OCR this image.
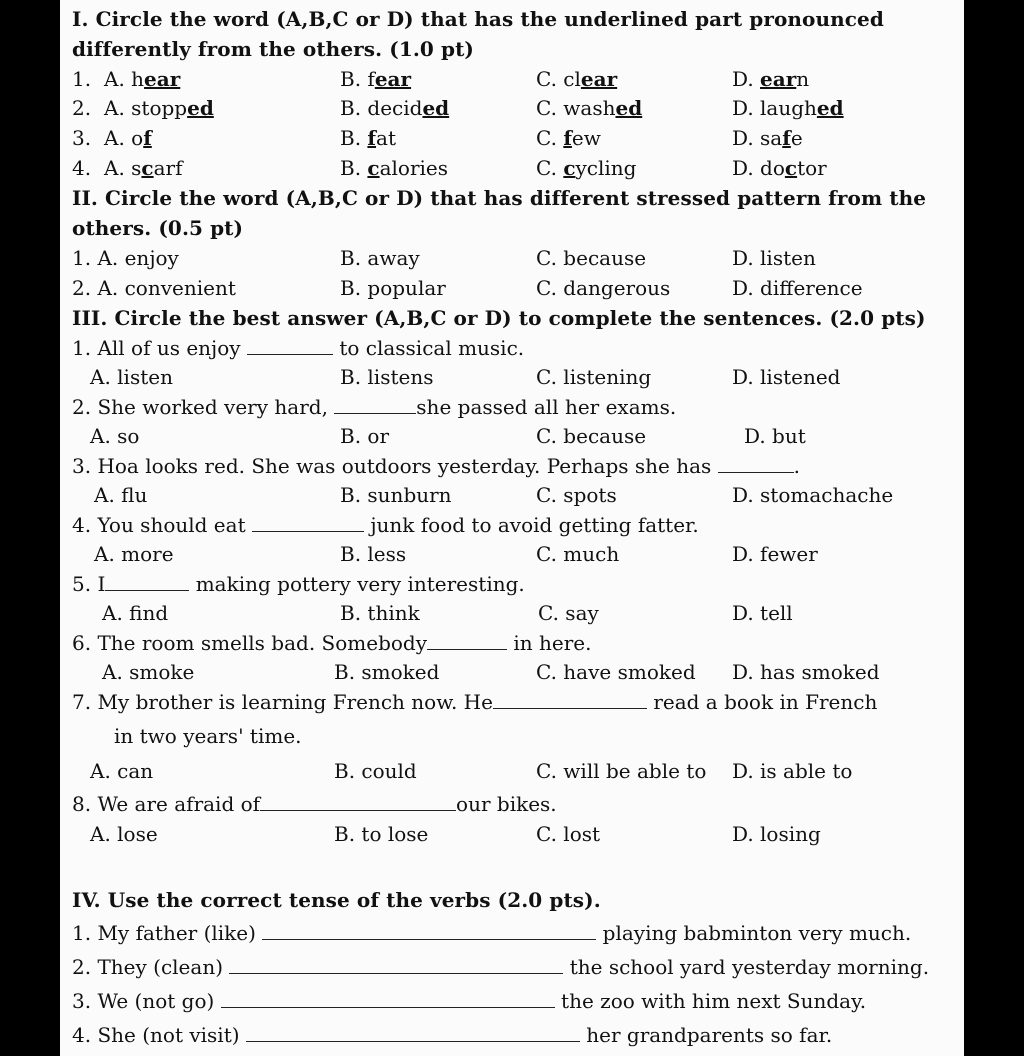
I. Circle the word (A,B,C or D) that has the underlined part pronounced
differently from the others. (1.0 pt)
1. A. hear	B. fear	C. clear	D. earn
2. A. stopped	B. decided	C. washed	D. laughed
3. A. of	B. fat	C. few	D. safe
4. A. scarf	B. calories	C. cycling	D. doctor
II. Circle the word (A,B,C or D) that has different stressed pattern from the
others. (0.5 pt)
1. A. enjoy	B. away	C. because	D. listen
2. A. convenient	B. popular	C. dangerous	D. difference
III. Circle the best answer (A,B,C or D) to complete the sentences. (2.0 pts)
1. All of us enjoy	to classical music.
A. listen	B. listens	C. listening	D. listened
2. She worked very hard,	she passed all her exams.
A. so	B. or	C. because	D. but
3. Hoa looks red. She was outdoors yesterday. Perhaps she has	.
A. flu	B. sunburn	C. spots	D. stomachache
4. You should eat	junk food to avoid getting fatter.
A. more	B. less	C. much	D. fewer
5. I	making pottery very interesting.
A. find	B. think	C. say	D. tell
6. The room smells bad. Somebody	in here.
A. smoke	B. smoked	C. have smoked D. has smoked
7. My brother is learning French now. He	read a book in French
in two years' time.
A. can	B. could	C. will be able to D. is able to
8. We are afraid of	our bikes.
A. lose	B. to lose	C. lost	D. losing
IV. Use the correct tense of the verbs (2.0 pts).
1. My father (like)	playing babminton very much.
2. They (clean)	the school yard yesterday morning.
3. We (not go)	the zoo with him next Sunday.
4. She (not visit)	her grandparents so far.
